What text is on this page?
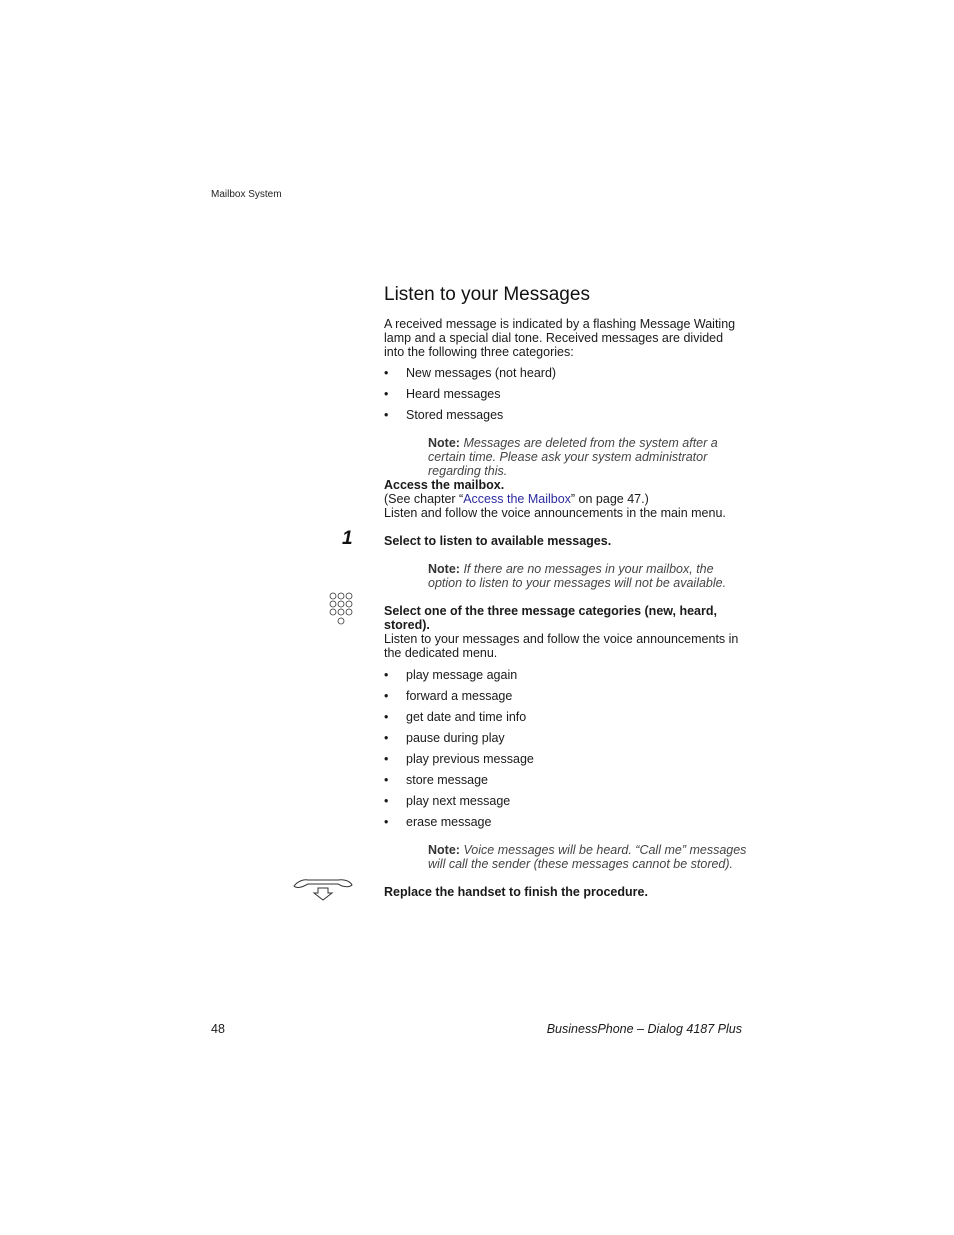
Mailbox System
Listen to your Messages

A received message is indicated by a flashing Message Waiting lamp and a special dial tone. Received messages are divided into the following three categories:

• New messages (not heard)
• Heard messages
• Stored messages
Note: Messages are deleted from the system after a certain time. Please ask your system administrator regarding this.
Access the mailbox.
(See chapter “Access the Mailbox” on page 47.)
Listen and follow the voice announcements in the main menu.
1	Select to listen to available messages.
Note: If there are no messages in your mailbox, the option to listen to your messages will not be available.
Select one of the three message categories (new, heard, stored).
Listen to your messages and follow the voice announcements in the dedicated menu.
• play message again
• forward a message
• get date and time info
• pause during play
• play previous message
• store message
• play next message
• erase message
Note: Voice messages will be heard. “Call me” messages will call the sender (these messages cannot be stored).
Replace the handset to finish the procedure.
48	BusinessPhone – Dialog 4187 Plus
